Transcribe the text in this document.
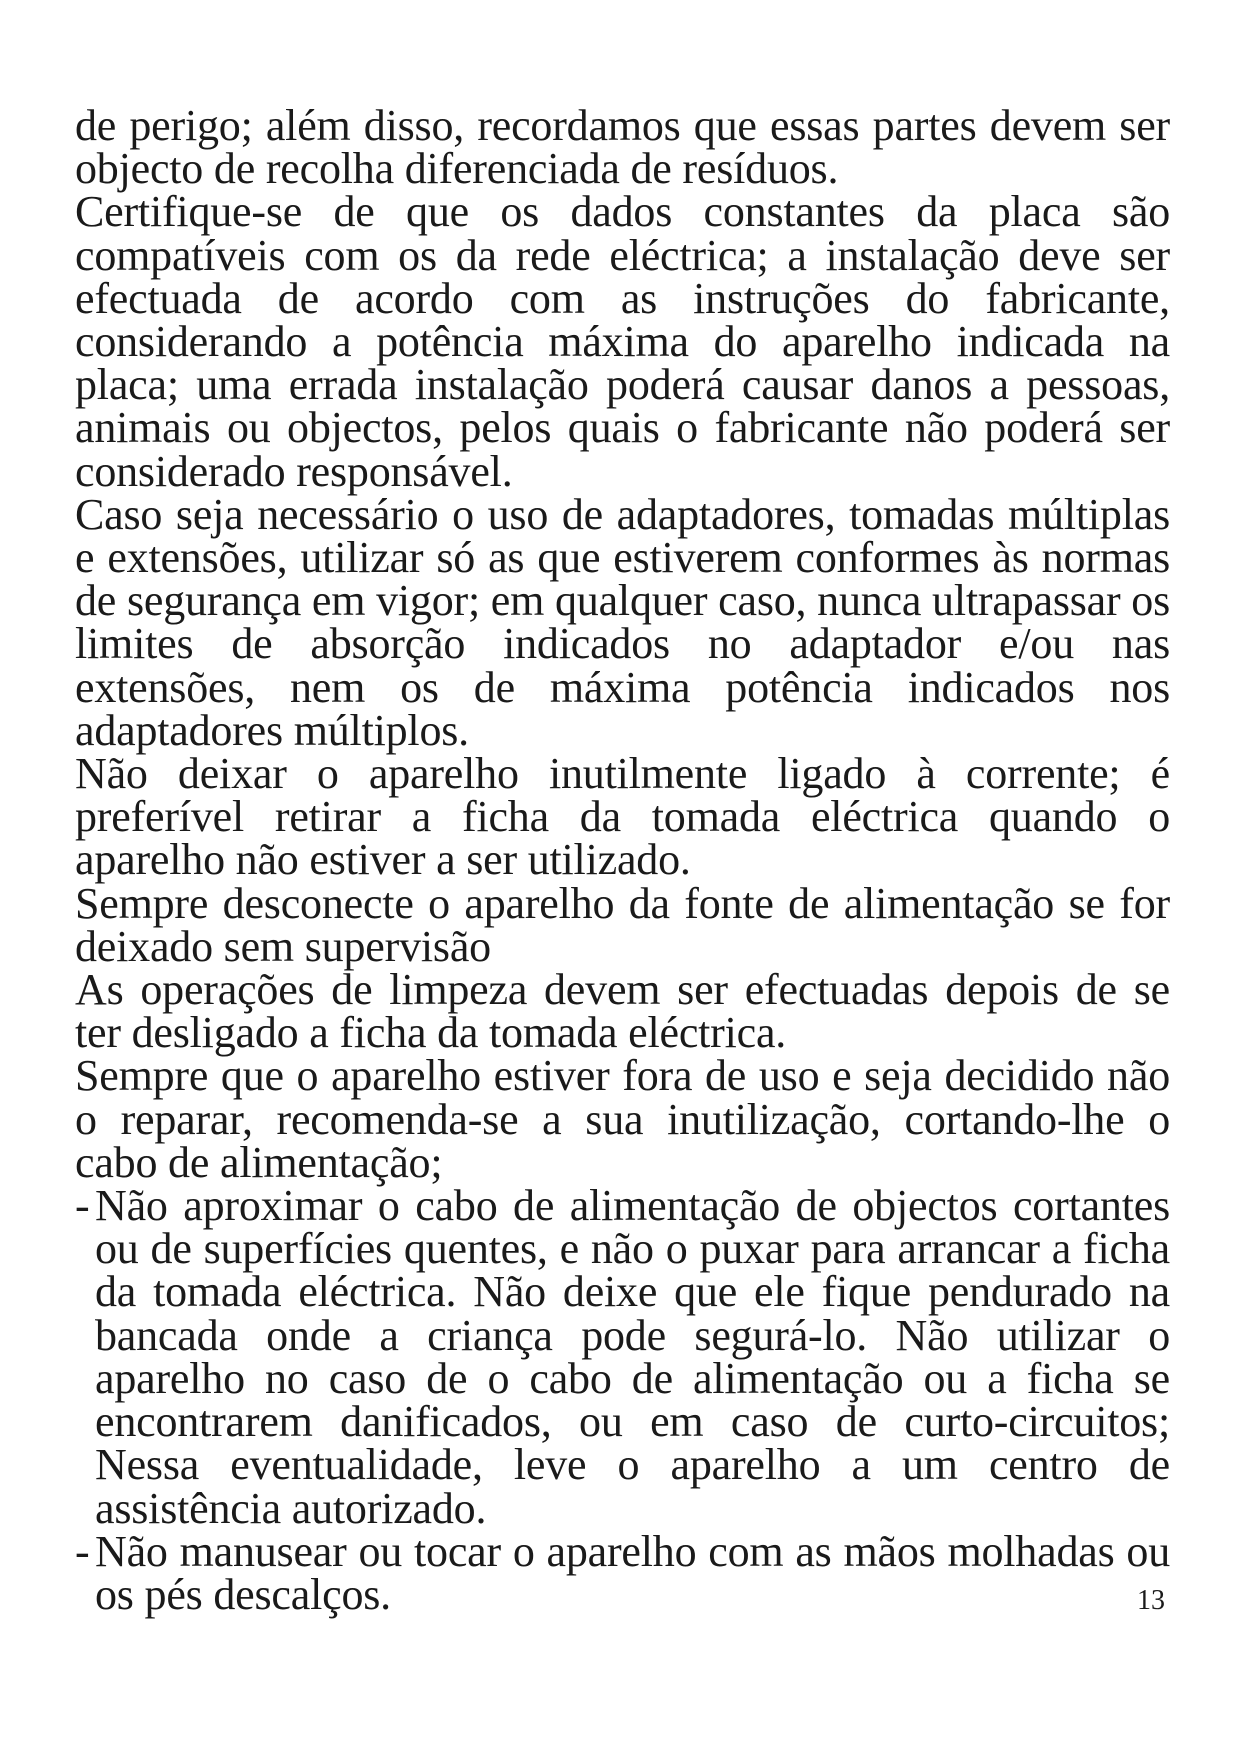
de perigo; além disso, recordamos que essas partes devem ser objecto de recolha diferenciada de resíduos.

Certifique-se de que os dados constantes da placa são compatíveis com os da rede eléctrica; a instalação deve ser efectuada de acordo com as instruções do fabricante, considerando a potência máxima do aparelho indicada na placa; uma errada instalação poderá causar danos a pessoas, animais ou objectos, pelos quais o fabricante não poderá ser considerado responsável.

Caso seja necessário o uso de adaptadores, tomadas múltiplas e extensões, utilizar só as que estiverem conformes às normas de segurança em vigor; em qualquer caso, nunca ultrapassar os limites de absorção indicados no adaptador e/ou nas extensões, nem os de máxima potência indicados nos adaptadores múltiplos.

Não deixar o aparelho inutilmente ligado à corrente; é preferível retirar a ficha da tomada eléctrica quando o aparelho não estiver a ser utilizado.

Sempre desconecte o aparelho da fonte de alimentação se for deixado sem supervisão

As operações de limpeza devem ser efectuadas depois de se ter desligado a ficha da tomada eléctrica.

Sempre que o aparelho estiver fora de uso e seja decidido não o reparar, recomenda-se a sua inutilização, cortando-lhe o cabo de alimentação;

- Não aproximar o cabo de alimentação de objectos cortantes ou de superfícies quentes, e não o puxar para arrancar a ficha da tomada eléctrica. Não deixe que ele fique pendurado na bancada onde a criança pode segurá-lo. Não utilizar o aparelho no caso de o cabo de alimentação ou a ficha se encontrarem danificados, ou em caso de curto-circuitos; Nessa eventualidade, leve o aparelho a um centro de assistência autorizado.
- Não manusear ou tocar o aparelho com as mãos molhadas ou os pés descalços.	13
